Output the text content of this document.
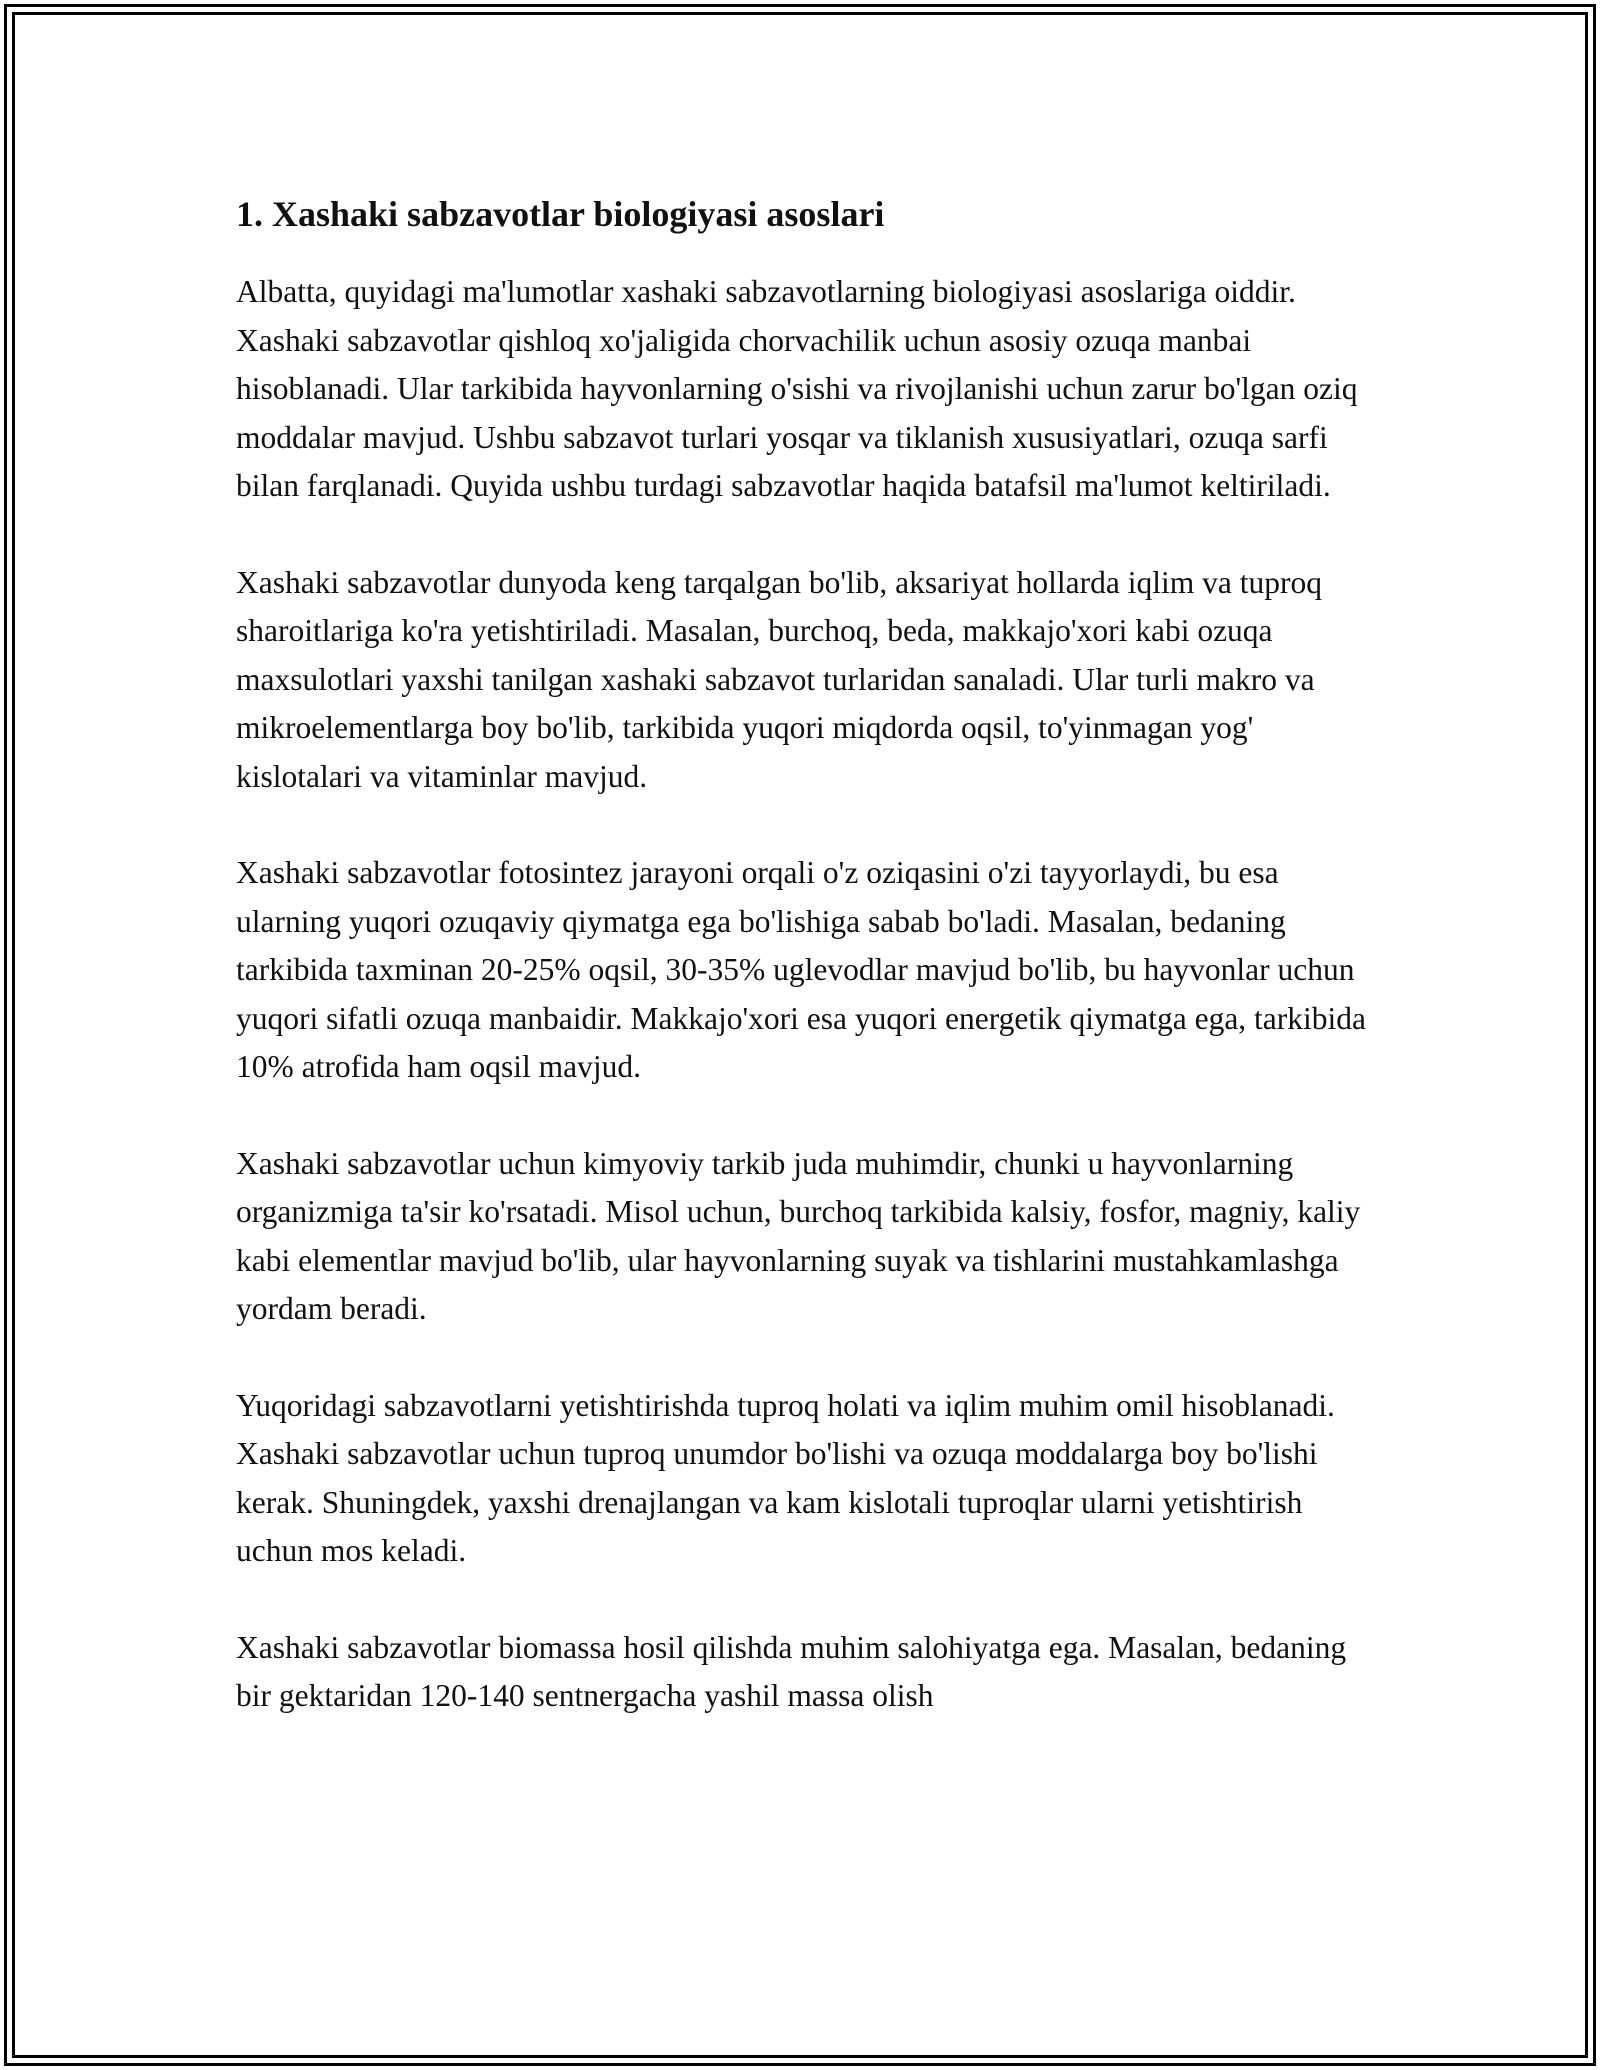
1. Xashaki sabzavotlar biologiyasi asoslari

Albatta, quyidagi ma'lumotlar xashaki sabzavotlarning biologiyasi asoslariga oiddir. Xashaki sabzavotlar qishloq xo'jaligida chorvachilik uchun asosiy ozuqa manbai hisoblanadi. Ular tarkibida hayvonlarning o'sishi va rivojlanishi uchun zarur bo'lgan oziq moddalar mavjud. Ushbu sabzavot turlari yosqar va tiklanish xususiyatlari, ozuqa sarfi bilan farqlanadi. Quyida ushbu turdagi sabzavotlar haqida batafsil ma'lumot keltiriladi.

Xashaki sabzavotlar dunyoda keng tarqalgan bo'lib, aksariyat hollarda iqlim va tuproq sharoitlariga ko'ra yetishtiriladi. Masalan, burchoq, beda, makkajo'xori kabi ozuqa maxsulotlari yaxshi tanilgan xashaki sabzavot turlaridan sanaladi. Ular turli makro va mikroelementlarga boy bo'lib, tarkibida yuqori miqdorda oqsil, to'yinmagan yog' kislotalari va vitaminlar mavjud.

Xashaki sabzavotlar fotosintez jarayoni orqali o'z oziqasini o'zi tayyorlaydi, bu esa ularning yuqori ozuqaviy qiymatga ega bo'lishiga sabab bo'ladi. Masalan, bedaning tarkibida taxminan 20-25% oqsil, 30-35% uglevodlar mavjud bo'lib, bu hayvonlar uchun yuqori sifatli ozuqa manbaidir. Makkajo'xori esa yuqori energetik qiymatga ega, tarkibida 10% atrofida ham oqsil mavjud.

Xashaki sabzavotlar uchun kimyoviy tarkib juda muhimdir, chunki u hayvonlarning organizmiga ta'sir ko'rsatadi. Misol uchun, burchoq tarkibida kalsiy, fosfor, magniy, kaliy kabi elementlar mavjud bo'lib, ular hayvonlarning suyak va tishlarini mustahkamlashga yordam beradi.

Yuqoridagi sabzavotlarni yetishtirishda tuproq holati va iqlim muhim omil hisoblanadi. Xashaki sabzavotlar uchun tuproq unumdor bo'lishi va ozuqa moddalarga boy bo'lishi kerak. Shuningdek, yaxshi drenajlangan va kam kislotali tuproqlar ularni yetishtirish uchun mos keladi.

Xashaki sabzavotlar biomassa hosil qilishda muhim salohiyatga ega. Masalan, bedaning bir gektaridan 120-140 sentnergacha yashil massa olish
